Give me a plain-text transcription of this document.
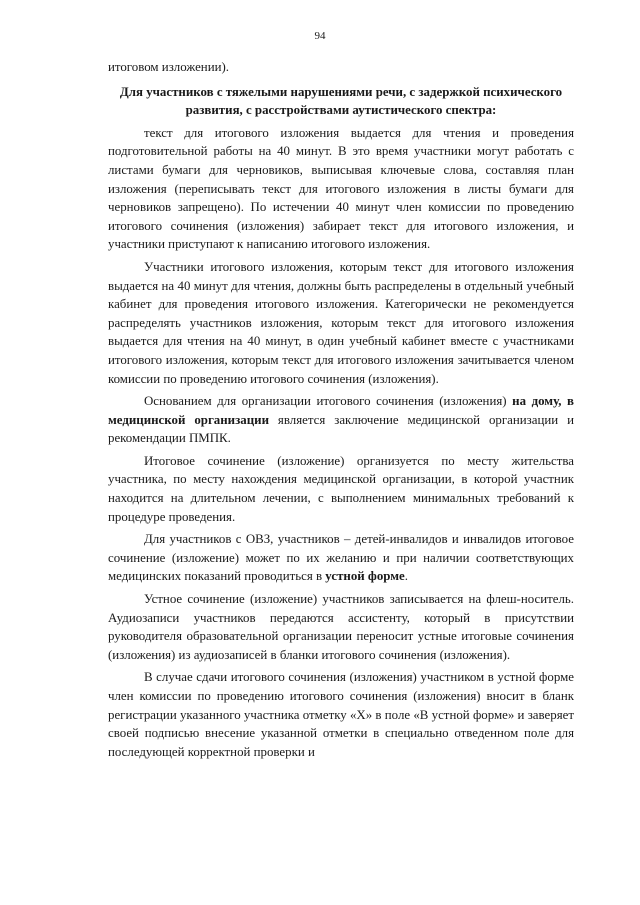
94

итоговом изложении).

Для участников с тяжелыми нарушениями речи, с задержкой психического развития, с расстройствами аутистического спектра:

текст для итогового изложения выдается для чтения и проведения подготовительной работы на 40 минут. В это время участники могут работать с листами бумаги для черновиков, выписывая ключевые слова, составляя план изложения (переписывать текст для итогового изложения в листы бумаги для черновиков запрещено). По истечении 40 минут член комиссии по проведению итогового сочинения (изложения) забирает текст для итогового изложения, и участники приступают к написанию итогового изложения.

Участники итогового изложения, которым текст для итогового изложения выдается на 40 минут для чтения, должны быть распределены в отдельный учебный кабинет для проведения итогового изложения. Категорически не рекомендуется распределять участников изложения, которым текст для итогового изложения выдается для чтения на 40 минут, в один учебный кабинет вместе с участниками итогового изложения, которым текст для итогового изложения зачитывается членом комиссии по проведению итогового сочинения (изложения).

Основанием для организации итогового сочинения (изложения) на дому, в медицинской организации является заключение медицинской организации и рекомендации ПМПК.

Итоговое сочинение (изложение) организуется по месту жительства участника, по месту нахождения медицинской организации, в которой участник находится на длительном лечении, с выполнением минимальных требований к процедуре проведения.

Для участников с ОВЗ, участников – детей-инвалидов и инвалидов итоговое сочинение (изложение) может по их желанию и при наличии соответствующих медицинских показаний проводиться в устной форме.

Устное сочинение (изложение) участников записывается на флеш-носитель. Аудиозаписи участников передаются ассистенту, который в присутствии руководителя образовательной организации переносит устные итоговые сочинения (изложения) из аудиозаписей в бланки итогового сочинения (изложения).

В случае сдачи итогового сочинения (изложения) участником в устной форме член комиссии по проведению итогового сочинения (изложения) вносит в бланк регистрации указанного участника отметку «Х» в поле «В устной форме» и заверяет своей подписью внесение указанной отметки в специально отведенном поле для последующей корректной проверки и
